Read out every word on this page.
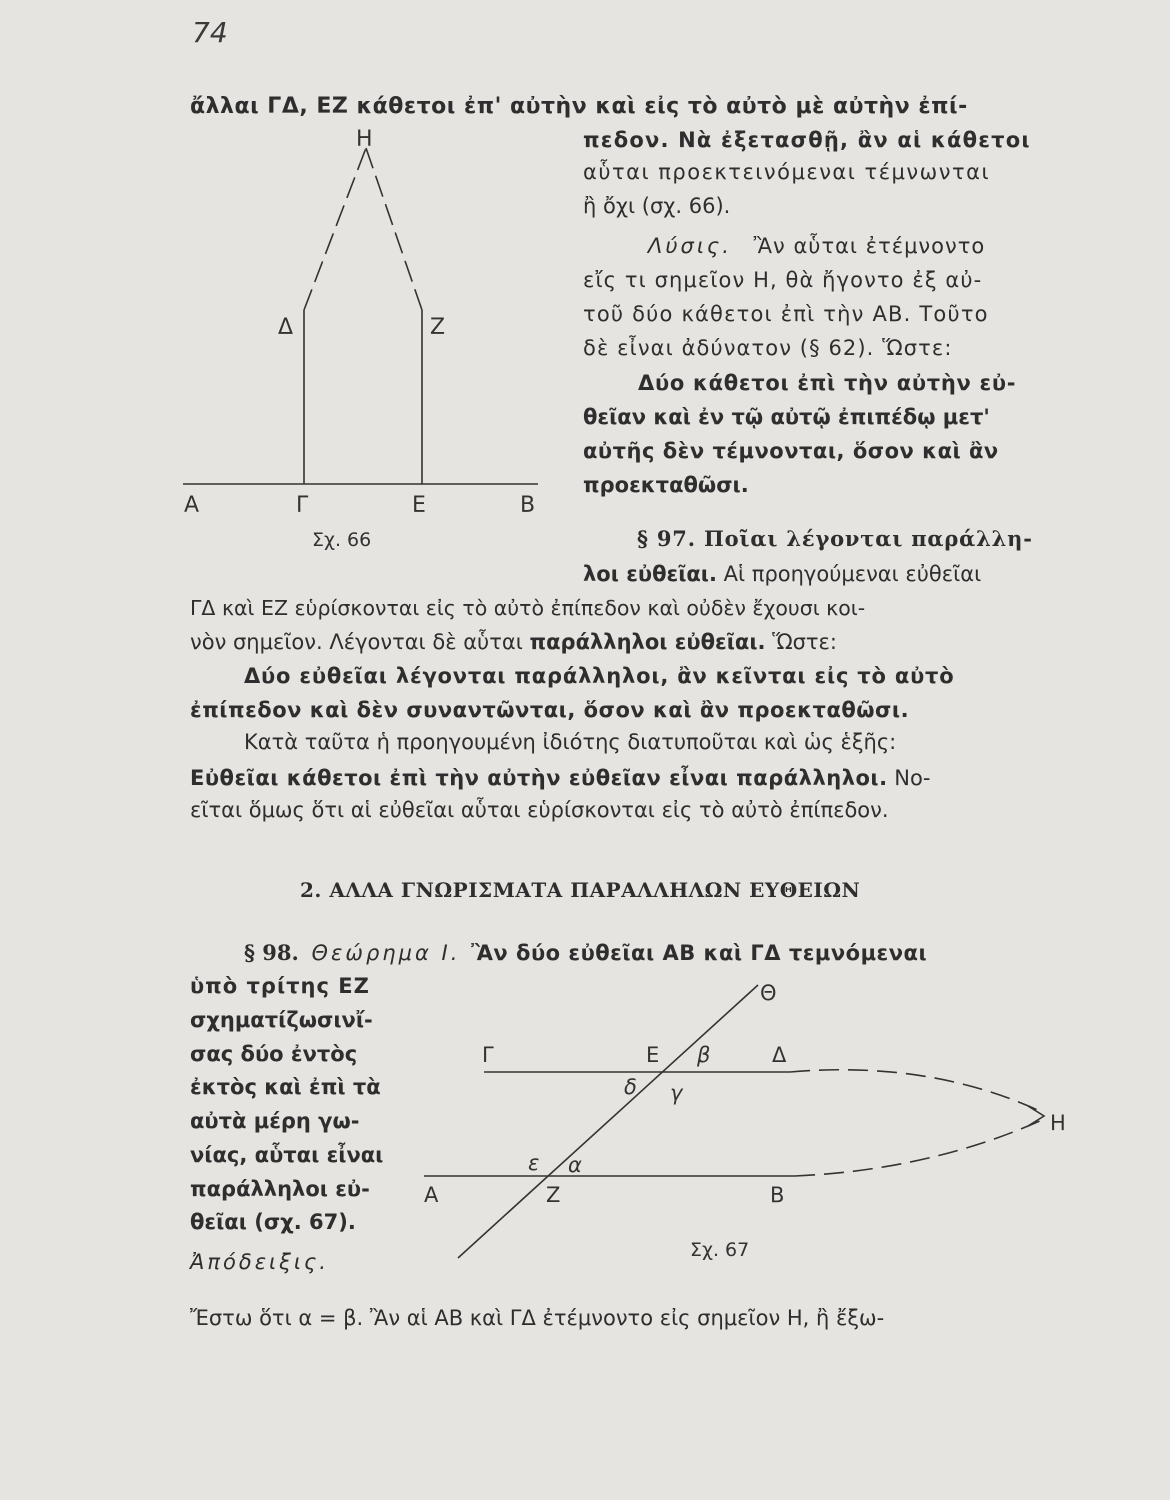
74
ἄλλαι ΓΔ, ΕΖ κάθετοι ἐπ' αὐτὴν καὶ εἰς τὸ αὐτὸ μὲ αὐτὴν ἐπί-
πεδον. Νὰ ἐξετασθῇ, ἂν αἱ κάθετοι
αὗται προεκτεινόμεναι τέμνωνται
ἢ ὄχι (σχ. 66).
Λύσις. Ἂν αὗται ἐτέμνοντο
εἴς τι σημεῖον Η, θὰ ἤγοντο ἐξ αὐ-
τοῦ δύο κάθετοι ἐπὶ τὴν ΑΒ. Τοῦτο
δὲ εἶναι ἀδύνατον (§ 62). Ὥστε:
Δύο κάθετοι ἐπὶ τὴν αὐτὴν εὐ-
θεῖαν καὶ ἐν τῷ αὐτῷ ἐπιπέδῳ μετ'
αὐτῆς δὲν τέμνονται, ὅσον καὶ ἂν
προεκταθῶσι.
§ 97. Ποῖαι λέγονται παράλλη-
λοι εὐθεῖαι. Αἱ προηγούμεναι εὐθεῖαι
ΓΔ καὶ ΕΖ εὑρίσκονται εἰς τὸ αὐτὸ ἐπίπεδον καὶ οὐδὲν ἔχουσι κοι-
νὸν σημεῖον. Λέγονται δὲ αὗται παράλληλοι εὐθεῖαι. Ὥστε:
Δύο εὐθεῖαι λέγονται παράλληλοι, ἂν κεῖνται εἰς τὸ αὐτὸ
ἐπίπεδον καὶ δὲν συναντῶνται, ὅσον καὶ ἂν προεκταθῶσι.
Κατὰ ταῦτα ἡ προηγουμένη ἰδιότης διατυποῦται καὶ ὡς ἑξῆς:
Εὐθεῖαι κάθετοι ἐπὶ τὴν αὐτὴν εὐθεῖαν εἶναι παράλληλοι. Νο-
εῖται ὅμως ὅτι αἱ εὐθεῖαι αὗται εὑρίσκονται εἰς τὸ αὐτὸ ἐπίπεδον.
2. ΑΛΛΑ ΓΝΩΡΙΣΜΑΤΑ ΠΑΡΑΛΛΗΛΩΝ ΕΥΘΕΙΩΝ
§ 98. Θεώρημα I. Ἂν δύο εὐθεῖαι ΑΒ καὶ ΓΔ τεμνόμεναι
ὑπὸ τρίτης ΕΖ
σχηματίζωσινἴ-
σας δύο ἐντὸς
ἐκτὸς καὶ ἐπὶ τὰ
αὐτὰ μέρη γω-
νίας, αὗται εἶναι
παράλληλοι εὐ-
θεῖαι (σχ. 67).
Ἀπόδειξις.
Ἔστω ὅτι α = β. Ἂν αἱ ΑΒ καὶ ΓΔ ἐτέμνοντο εἰς σημεῖον Η, ἢ ἔξω-
Η
Δ	Ζ
Α	Γ	Ε	Β
Σχ. 66
Θ
Γ	Ε β	Δ
δ γ
Η
ε α
Α	Ζ	Β
Σχ. 67
